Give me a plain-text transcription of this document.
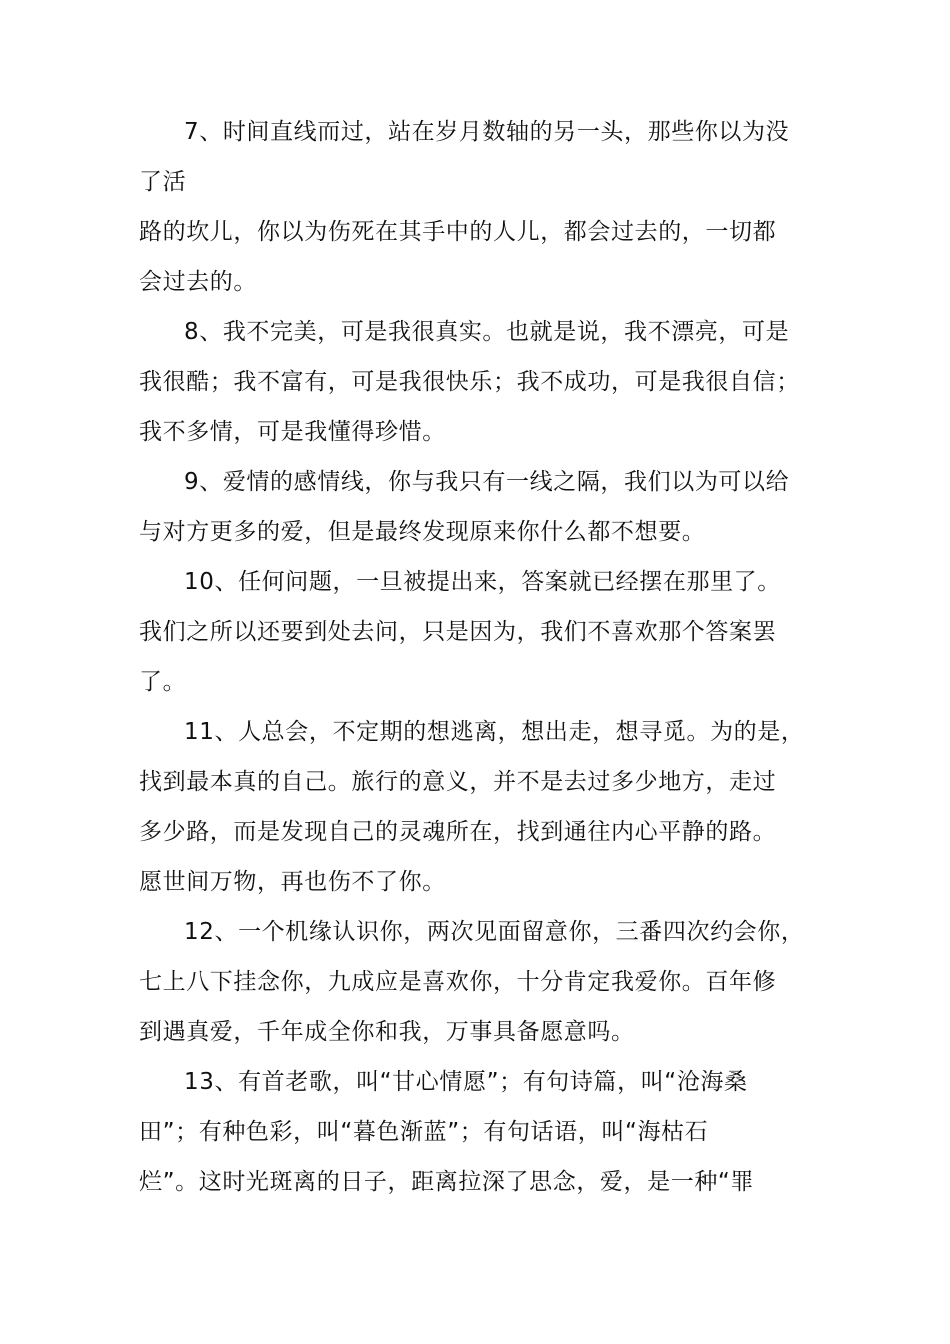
7、时间直线而过，站在岁月数轴的另一头，那些你以为没
了活
路的坎儿，你以为伤死在其手中的人儿，都会过去的，一切都
会过去的。
8、我不完美，可是我很真实。也就是说，我不漂亮，可是
我很酷；我不富有，可是我很快乐；我不成功，可是我很自信；
我不多情，可是我懂得珍惜。
9、爱情的感情线，你与我只有一线之隔，我们以为可以给
与对方更多的爱，但是最终发现原来你什么都不想要。
10、任何问题，一旦被提出来，答案就已经摆在那里了。
我们之所以还要到处去问，只是因为，我们不喜欢那个答案罢
了。
11、人总会，不定期的想逃离，想出走，想寻觅。为的是，
找到最本真的自己。旅行的意义，并不是去过多少地方，走过
多少路，而是发现自己的灵魂所在，找到通往内心平静的路。
愿世间万物，再也伤不了你。
12、一个机缘认识你，两次见面留意你，三番四次约会你，
七上八下挂念你，九成应是喜欢你，十分肯定我爱你。百年修
到遇真爱，千年成全你和我，万事具备愿意吗。
13、有首老歌，叫“甘心情愿”；有句诗篇，叫“沧海桑
田”；有种色彩，叫“暮色渐蓝”；有句话语，叫“海枯石
烂”。这时光斑离的日子，距离拉深了思念，爱，是一种“罪
